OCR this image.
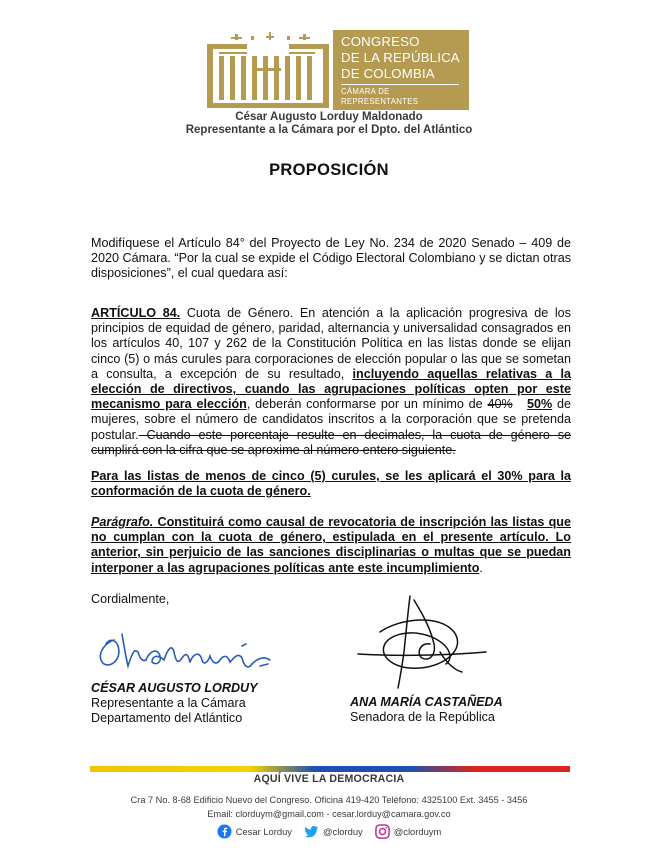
CONGRESO
DE LA REPÚBLICA
DE COLOMBIA
CÁMARA DE REPRESENTANTES
César Augusto Lorduy Maldonado
Representante a la Cámara por el Dpto. del Atlántico
PROPOSICIÓN

Modifíquese el Artículo 84° del Proyecto de Ley No. 234 de 2020 Senado – 409 de 2020 Cámara. “Por la cual se expide el Código Electoral Colombiano y se dictan otras disposiciones”, el cual quedara así:

ARTÍCULO 84. Cuota de Género. En atención a la aplicación progresiva de los principios de equidad de género, paridad, alternancia y universalidad consagrados en los artículos 40, 107 y 262 de la Constitución Política en las listas donde se elijan cinco (5) o más curules para corporaciones de elección popular o las que se sometan a consulta, a excepción de su resultado, incluyendo aquellas relativas a la elección de directivos, cuando las agrupaciones políticas opten por este mecanismo para elección, deberán conformarse por un mínimo de 40% 50% de mujeres, sobre el número de candidatos inscritos a la corporación que se pretenda postular. Cuando este porcentaje resulte en decimales, la cuota de género se cumplirá con la cifra que se aproxime al número entero siguiente.

Para las listas de menos de cinco (5) curules, se les aplicará el 30% para la conformación de la cuota de género.

Parágrafo. Constituirá como causal de revocatoria de inscripción las listas que no cumplan con la cuota de género, estipulada en el presente artículo. Lo anterior, sin perjuicio de las sanciones disciplinarias o multas que se puedan interponer a las agrupaciones políticas ante este incumplimiento.

Cordialmente,
CÉSAR AUGUSTO LORDUY
Representante a la Cámara
Departamento del Atlántico
ANA MARÍA CASTAÑEDA
Senadora de la República
AQUÍ VIVE LA DEMOCRACIA
Cra 7 No. 8-68 Edificio Nuevo del Congreso. Oficina 419-420 Teléfono: 4325100 Ext. 3455 - 3456
Email: clorduym@gmail.com - cesar.lorduy@camara.gov.co
Cesar Lorduy	@clorduy	@clorduym
